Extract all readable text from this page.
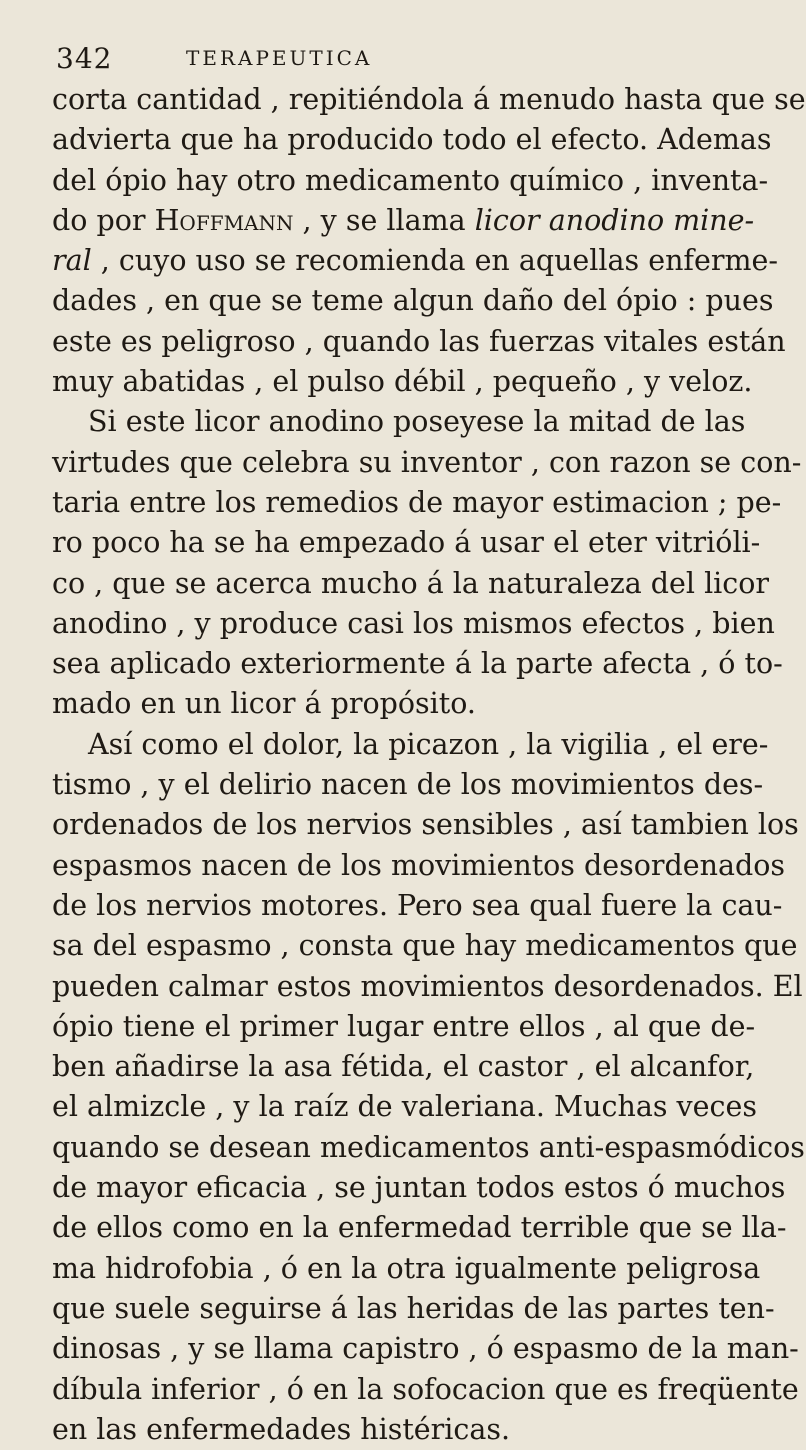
342	TERAPEUTICA
corta cantidad , repitiéndola á menudo hasta que se
advierta que ha producido todo el efecto. Ademas
del ópio hay otro medicamento químico , inventa-
do por Hoffmann , y se llama licor anodino mine-
ral , cuyo uso se recomienda en aquellas enferme-
dades , en que se teme algun daño del ópio : pues
este es peligroso , quando las fuerzas vitales están
muy abatidas , el pulso débil , pequeño , y veloz.
Si este licor anodino poseyese la mitad de las
virtudes que celebra su inventor , con razon se con-
taria entre los remedios de mayor estimacion ; pe-
ro poco ha se ha empezado á usar el eter vitrióli-
co , que se acerca mucho á la naturaleza del licor
anodino , y produce casi los mismos efectos , bien
sea aplicado exteriormente á la parte afecta , ó to-
mado en un licor á propósito.
Así como el dolor, la picazon , la vigilia , el ere-
tismo , y el delirio nacen de los movimientos des-
ordenados de los nervios sensibles , así tambien los
espasmos nacen de los movimientos desordenados
de los nervios motores. Pero sea qual fuere la cau-
sa del espasmo , consta que hay medicamentos que
pueden calmar estos movimientos desordenados. El
ópio tiene el primer lugar entre ellos , al que de-
ben añadirse la asa fétida, el castor , el alcanfor,
el almizcle , y la raíz de valeriana. Muchas veces
quando se desean medicamentos anti-espasmódicos
de mayor eficacia , se juntan todos estos ó muchos
de ellos como en la enfermedad terrible que se lla-
ma hidrofobia , ó en la otra igualmente peligrosa
que suele seguirse á las heridas de las partes ten-
dinosas , y se llama capistro , ó espasmo de la man-
díbula inferior , ó en la sofocacion que es freqüente
en las enfermedades histéricas.
